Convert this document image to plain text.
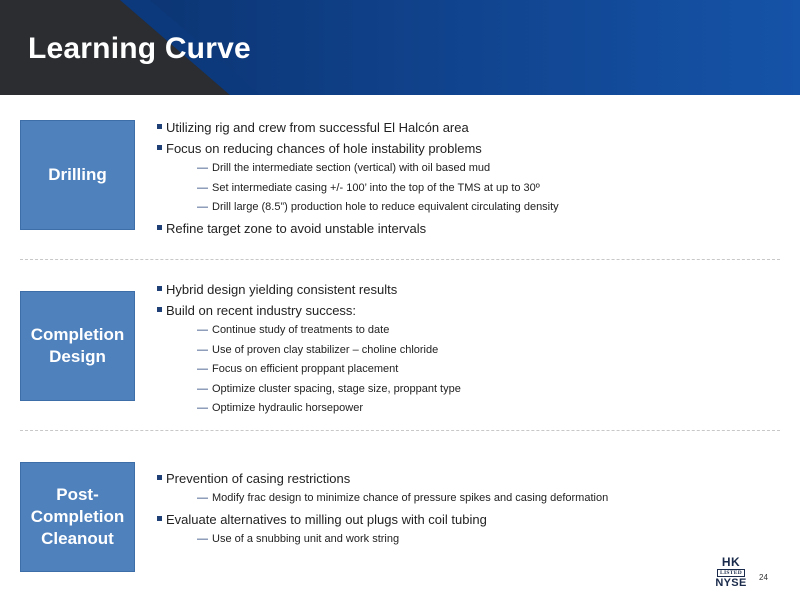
Learning Curve
Drilling
Utilizing rig and crew from successful El Halcón area
Focus on reducing chances of hole instability problems
— Drill the intermediate section (vertical) with oil based mud
— Set intermediate casing +/- 100’ into the top of the TMS at up to 30º
— Drill large (8.5”) production hole to reduce equivalent circulating density
Refine target zone to avoid unstable intervals
Completion Design
Hybrid design yielding consistent results
Build on recent industry success:
— Continue study of treatments to date
— Use of proven clay stabilizer – choline chloride
— Focus on efficient proppant placement
— Optimize cluster spacing, stage size, proppant type
— Optimize hydraulic horsepower
Post-Completion Cleanout
Prevention of casing restrictions
— Modify frac design to minimize chance of pressure spikes and casing deformation
Evaluate alternatives to milling out plugs with coil tubing
— Use of a snubbing unit and work string
HK
LISTED
NYSE	24
